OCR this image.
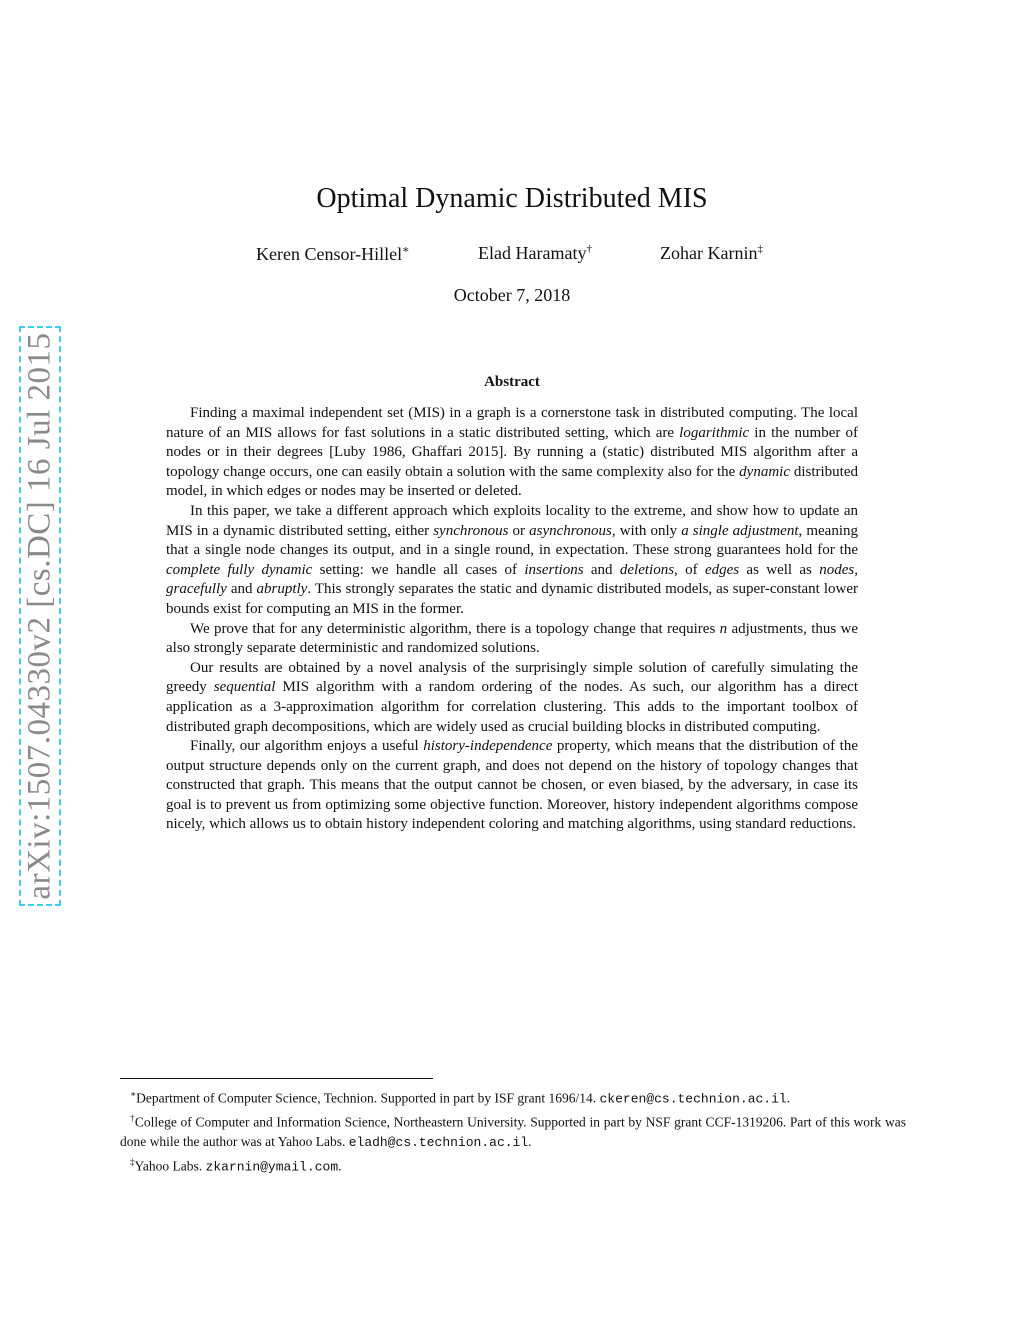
arXiv:1507.04330v2 [cs.DC] 16 Jul 2015
Optimal Dynamic Distributed MIS
Keren Censor-Hillel∗	Elad Haramaty†	Zohar Karnin‡
October 7, 2018
Abstract

Finding a maximal independent set (MIS) in a graph is a cornerstone task in distributed computing. The local nature of an MIS allows for fast solutions in a static distributed setting, which are logarithmic in the number of nodes or in their degrees [Luby 1986, Ghaffari 2015]. By running a (static) distributed MIS algorithm after a topology change occurs, one can easily obtain a solution with the same complexity also for the dynamic distributed model, in which edges or nodes may be inserted or deleted.

In this paper, we take a different approach which exploits locality to the extreme, and show how to update an MIS in a dynamic distributed setting, either synchronous or asynchronous, with only a single adjustment, meaning that a single node changes its output, and in a single round, in expectation. These strong guarantees hold for the complete fully dynamic setting: we handle all cases of insertions and deletions, of edges as well as nodes, gracefully and abruptly. This strongly separates the static and dynamic distributed models, as super-constant lower bounds exist for computing an MIS in the former.

We prove that for any deterministic algorithm, there is a topology change that requires n adjustments, thus we also strongly separate deterministic and randomized solutions.

Our results are obtained by a novel analysis of the surprisingly simple solution of carefully simulating the greedy sequential MIS algorithm with a random ordering of the nodes. As such, our algorithm has a direct application as a 3-approximation algorithm for correlation clustering. This adds to the important toolbox of distributed graph decompositions, which are widely used as crucial building blocks in distributed computing.

Finally, our algorithm enjoys a useful history-independence property, which means that the distribution of the output structure depends only on the current graph, and does not depend on the history of topology changes that constructed that graph. This means that the output cannot be chosen, or even biased, by the adversary, in case its goal is to prevent us from optimizing some objective function. Moreover, history independent algorithms compose nicely, which allows us to obtain history independent coloring and matching algorithms, using standard reductions.

∗Department of Computer Science, Technion. Supported in part by ISF grant 1696/14. ckeren@cs.technion.ac.il.

†College of Computer and Information Science, Northeastern University. Supported in part by NSF grant CCF-1319206. Part of this work was done while the author was at Yahoo Labs. eladh@cs.technion.ac.il.

‡Yahoo Labs. zkarnin@ymail.com.
